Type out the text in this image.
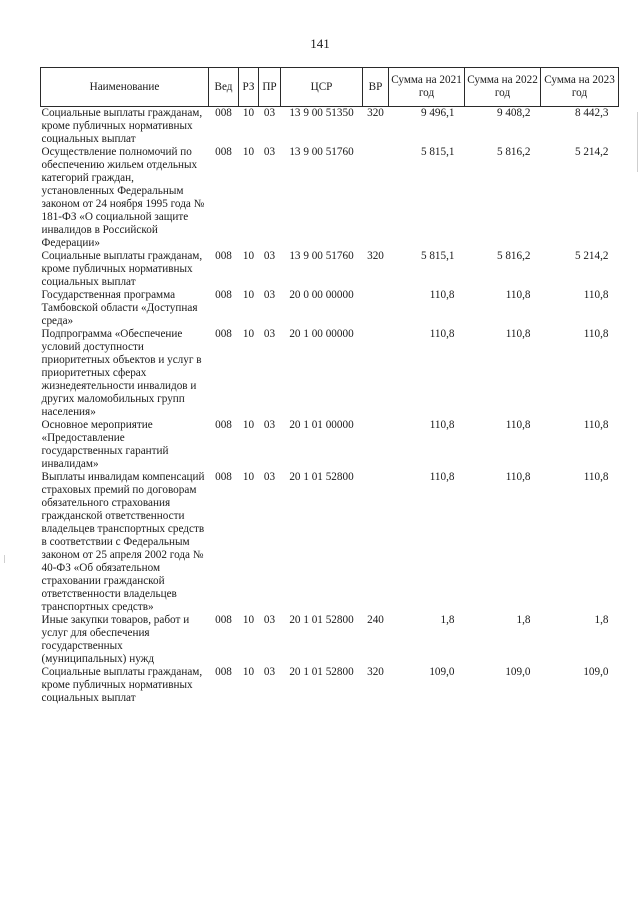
141
Наименование	Вед	РЗ	ПР	ЦСР	ВР	Сумма на 2021 год	Сумма на 2022 год	Сумма на 2023 год
Социальные выплаты гражданам, кроме публичных нормативных социальных выплат	008	10	03	13 9 00 51350	320	9 496,1	9 408,2	8 442,3
Осуществление полномочий по обеспечению жильем отдельных категорий граждан, установленных Федеральным законом от 24 ноября 1995 года № 181-ФЗ «О социальной защите инвалидов в Российской Федерации»	008	10	03	13 9 00 51760		5 815,1	5 816,2	5 214,2
Социальные выплаты гражданам, кроме публичных нормативных социальных выплат	008	10	03	13 9 00 51760	320	5 815,1	5 816,2	5 214,2
Государственная программа Тамбовской области «Доступная среда»	008	10	03	20 0 00 00000		110,8	110,8	110,8
Подпрограмма «Обеспечение условий доступности приоритетных объектов и услуг в приоритетных сферах жизнедеятельности инвалидов и других маломобильных групп населения»	008	10	03	20 1 00 00000		110,8	110,8	110,8
Основное мероприятие «Предоставление государственных гарантий инвалидам»	008	10	03	20 1 01 00000		110,8	110,8	110,8
Выплаты инвалидам компенсаций страховых премий по договорам обязательного страхования гражданской ответственности владельцев транспортных средств в соответствии с Федеральным законом от 25 апреля 2002 года № 40-ФЗ «Об обязательном страховании гражданской ответственности владельцев транспортных средств»	008	10	03	20 1 01 52800		110,8	110,8	110,8
Иные закупки товаров, работ и услуг для обеспечения государственных (муниципальных) нужд	008	10	03	20 1 01 52800	240	1,8	1,8	1,8
Социальные выплаты гражданам, кроме публичных нормативных социальных выплат	008	10	03	20 1 01 52800	320	109,0	109,0	109,0
